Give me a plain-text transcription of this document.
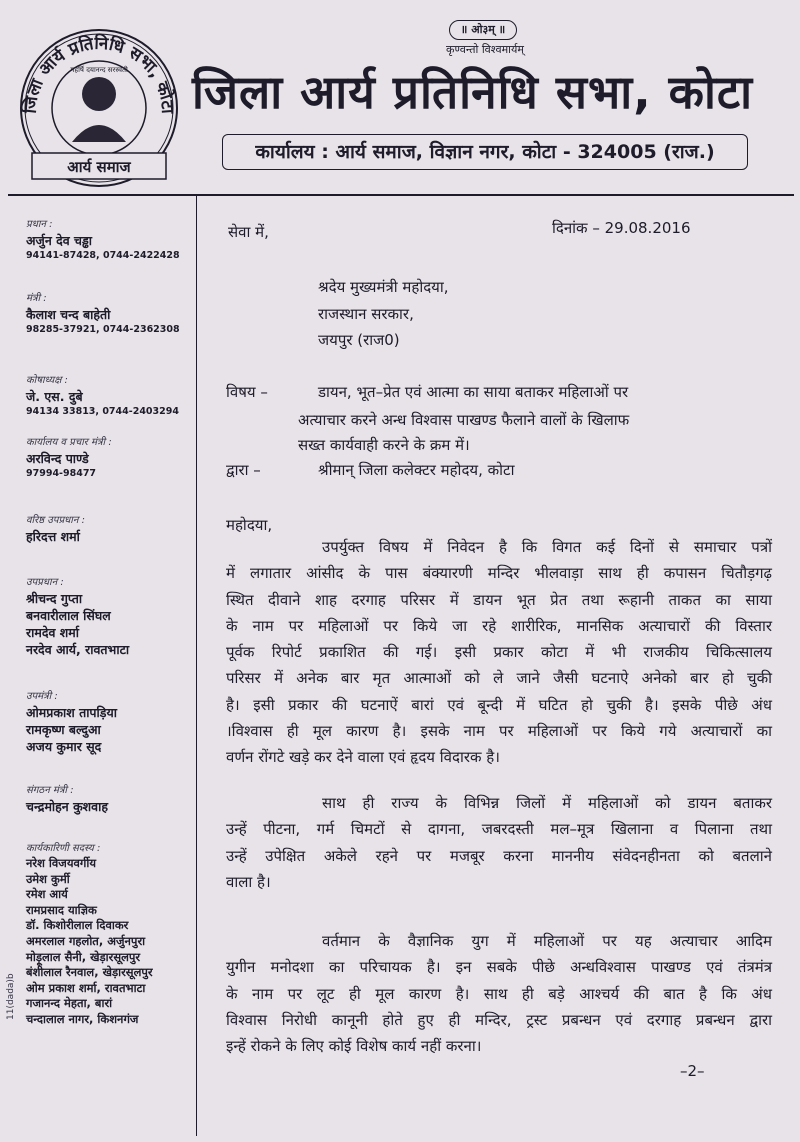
जिला आर्य प्रतिनिधि सभा, कोटा
महर्षि दयानन्द सरस्वती
आर्य समाज
॥ ओ३म् ॥
कृण्वन्तो विश्वमार्यम्
जिला आर्य प्रतिनिधि सभा, कोटा
कार्यालय : आर्य समाज, विज्ञान नगर, कोटा - 324005 (राज.)
प्रधान :
अर्जुन देव चड्ढा
94141-87428, 0744-2422428
मंत्री :
कैलाश चन्द बाहेती
98285-37921, 0744-2362308
कोषाध्यक्ष :
जे. एस. दुबे
94134 33813, 0744-2403294
कार्यालय व प्रचार मंत्री :
अरविन्द पाण्डे
97994-98477
वरिष्ठ उपप्रधान :
हरिदत्त शर्मा
उपप्रधान :
श्रीचन्द गुप्ता
बनवारीलाल सिंघल
रामदेव शर्मा
नरदेव आर्य, रावतभाटा
उपमंत्री :
ओमप्रकाश तापड़िया
रामकृष्ण बल्दुआ
अजय कुमार सूद
संगठन मंत्री :
चन्द्रमोहन कुशवाह
कार्यकारिणी सदस्य :
नरेश विजयवर्गीय
उमेश कुर्मी
रमेश आर्य
रामप्रसाद याज्ञिक
डॉ. किशोरीलाल दिवाकर
अमरलाल गहलोत, अर्जुनपुरा
मोड़ूलाल सैनी, खेड़ारसूलपुर
बंशीलाल रैनवाल, खेड़ारसूलपुर
ओम प्रकाश शर्मा, रावतभाटा
गजानन्द मेहता, बारां
चन्दालाल नागर, किशनगंज
11(dada)b
सेवा में,	दिनांक – 29.08.2016
श्रदेय मुख्यमंत्री महोदया,
राजस्थान सरकार,
जयपुर (राज0)
विषय –	डायन, भूत–प्रेत एवं आत्मा का साया बताकर महिलाओं पर
अत्याचार करने अन्ध विश्वास पाखण्ड फैलाने वालों के खिलाफ
सख्त कार्यवाही करने के क्रम में।
द्वारा –	श्रीमान् जिला कलेक्टर महोदय, कोटा
महोदया,
उपर्युक्त विषय में निवेदन है कि विगत कई दिनों से समाचार पत्रों
में लगातार आंसीद के पास बंक्यारणी मन्दिर भीलवाड़ा साथ ही कपासन चितौड़गढ़
स्थित दीवाने शाह दरगाह परिसर में डायन भूत प्रेत तथा रूहानी ताकत का साया
के नाम पर महिलाओं पर किये जा रहे शारीरिक, मानसिक अत्याचारों की विस्तार
पूर्वक रिपोर्ट प्रकाशित की गई। इसी प्रकार कोटा में भी राजकीय चिकित्सालय
परिसर में अनेक बार मृत आत्माओं को ले जाने जैसी घटनाऐ अनेको बार हो चुकी
है। इसी प्रकार की घटनाऐं बारां एवं बून्दी में घटित हो चुकी है। इसके पीछे अंध
।विश्वास ही मूल कारण है। इसके नाम पर महिलाओं पर किये गये अत्याचारों का
वर्णन रोंगटे खड़े कर देने वाला एवं हृदय विदारक है।
साथ ही राज्य के विभिन्न जिलों में महिलाओं को डायन बताकर
उन्हें पीटना, गर्म चिमटों से दागना, जबरदस्ती मल–मूत्र खिलाना व पिलाना तथा
उन्हें उपेक्षित अकेले रहने पर मजबूर करना माननीय संवेदनहीनता को बतलाने
वाला है।
वर्तमान के वैज्ञानिक युग में महिलाओं पर यह अत्याचार आदिम
युगीन मनोदशा का परिचायक है। इन सबके पीछे अन्धविश्वास पाखण्ड एवं तंत्रमंत्र
के नाम पर लूट ही मूल कारण है। साथ ही बड़े आश्चर्य की बात है कि अंध
विश्वास निरोधी कानूनी होते हुए ही मन्दिर, ट्रस्ट प्रबन्धन एवं दरगाह प्रबन्धन द्वारा
इन्हें रोकने के लिए कोई विशेष कार्य नहीं करना।
–2–
